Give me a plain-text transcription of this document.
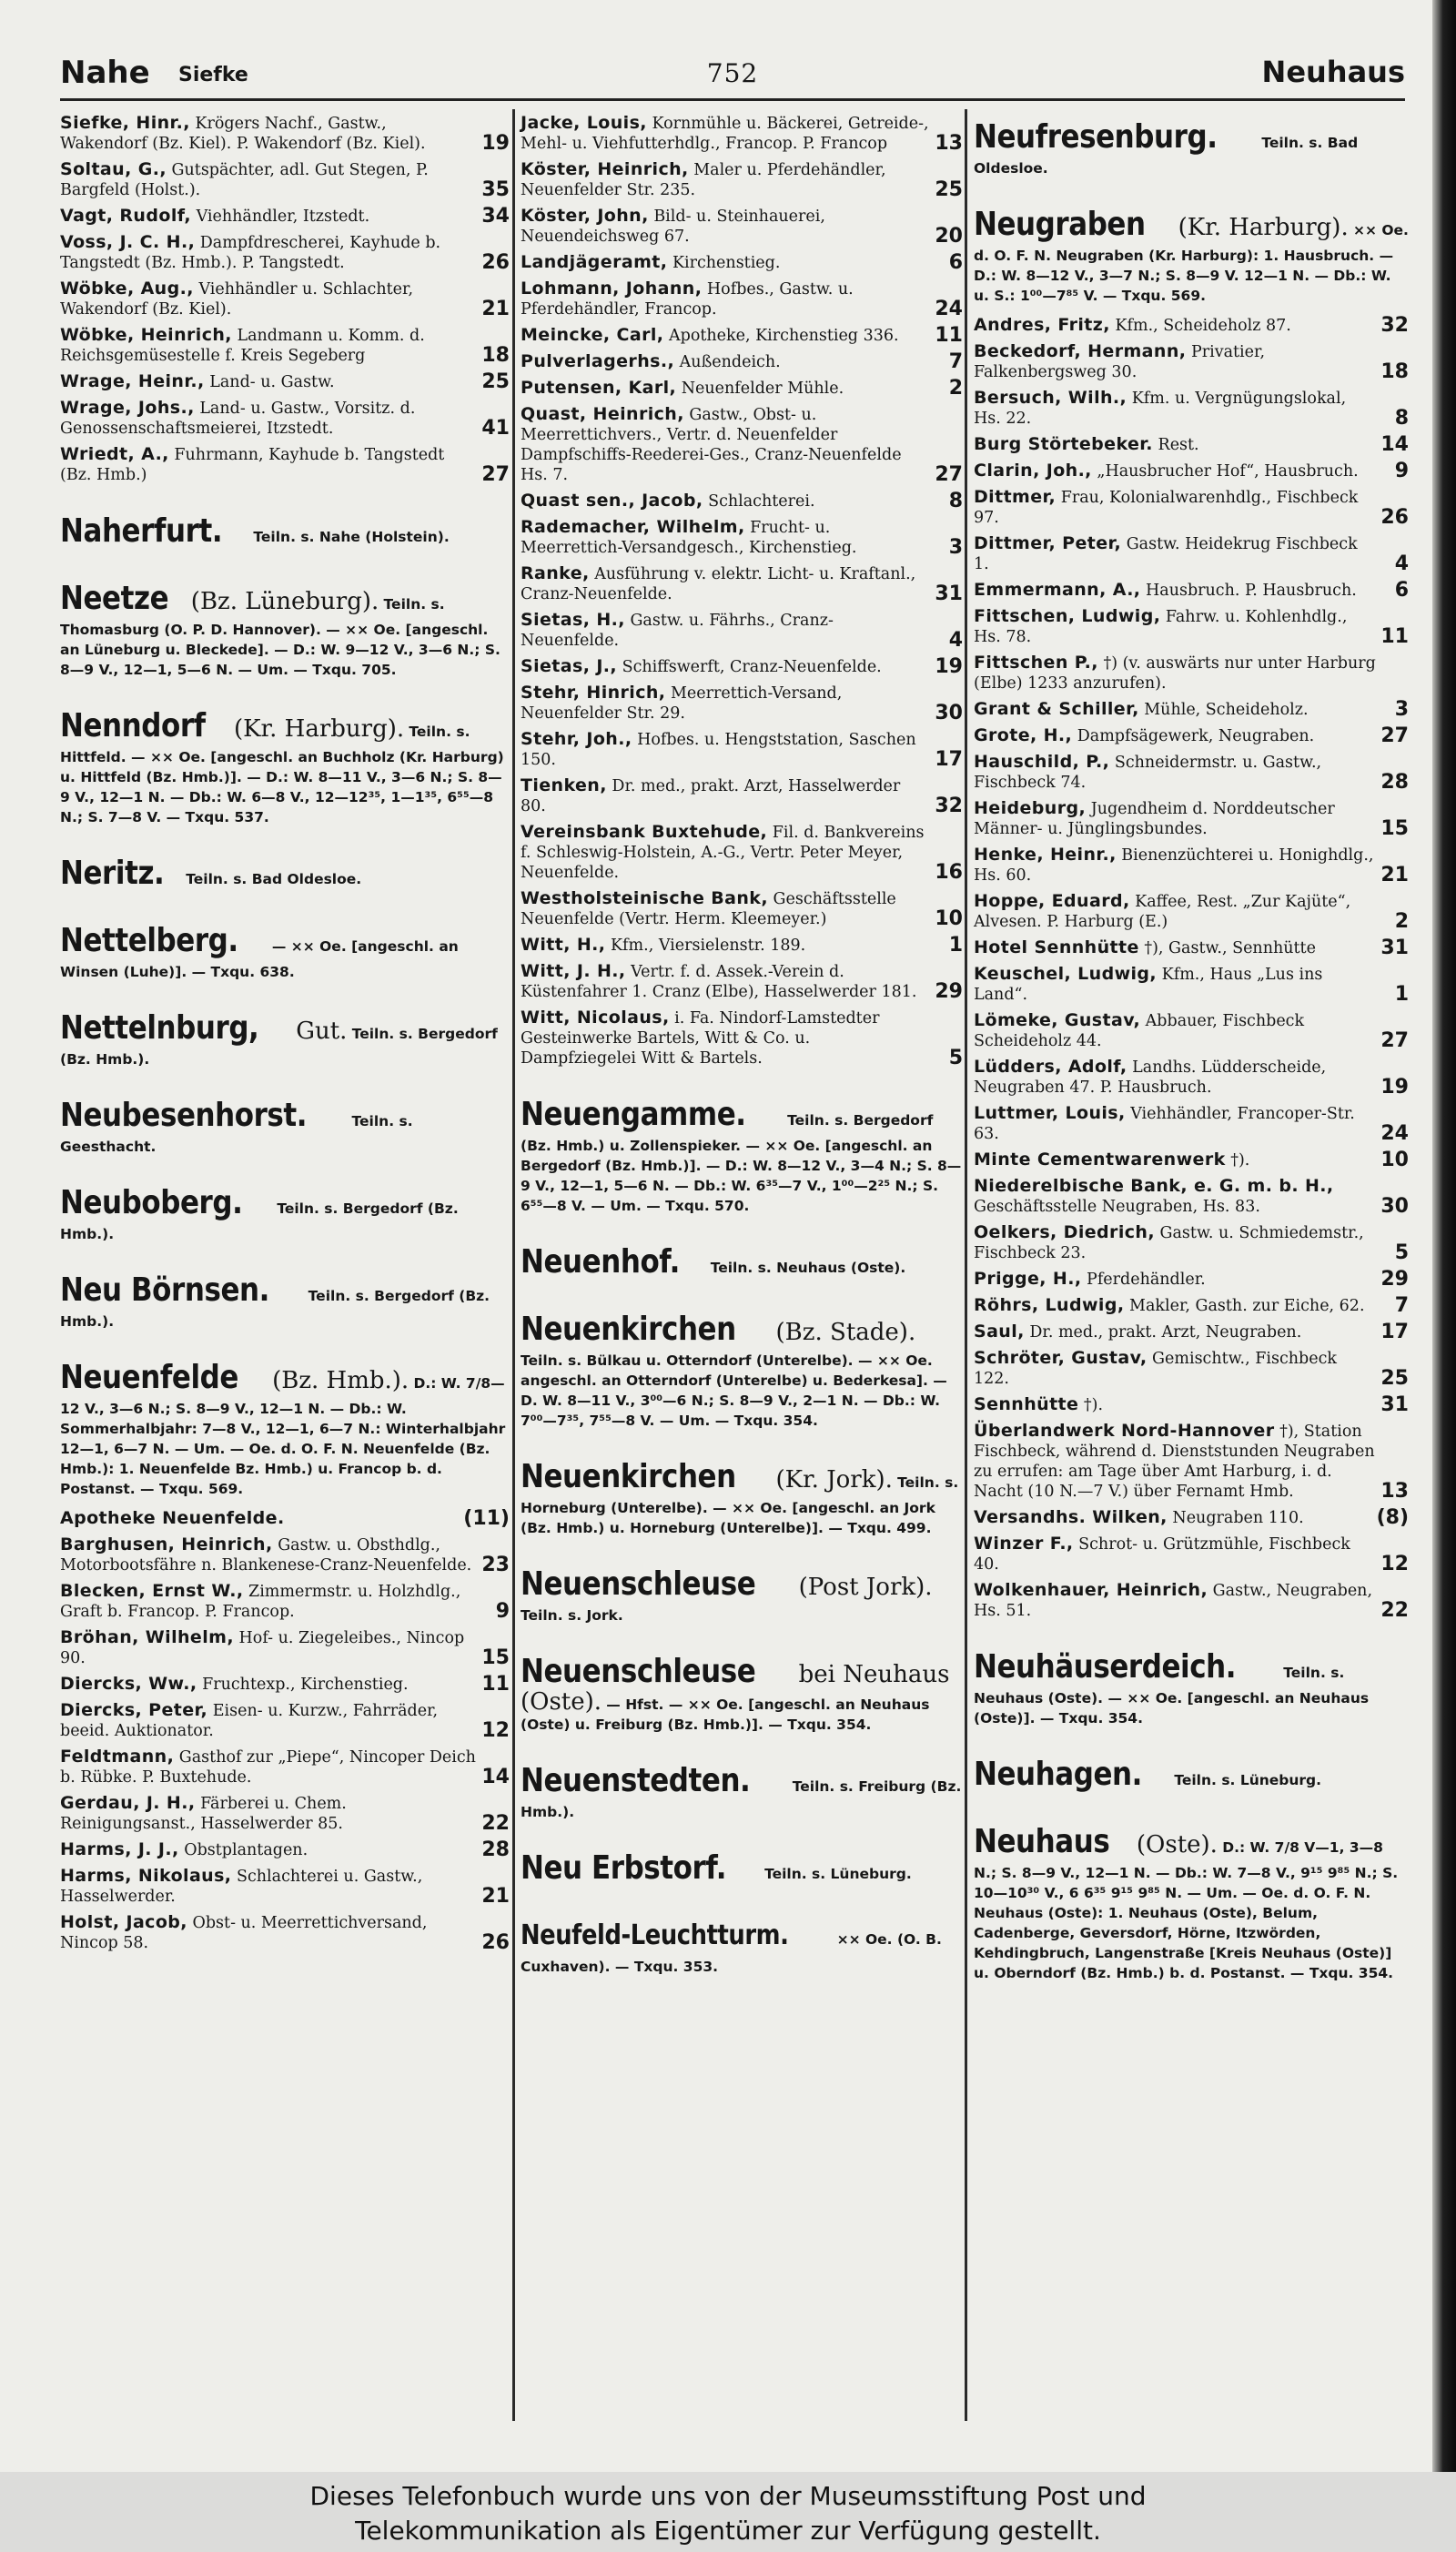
Nahe Siefke	752	Neuhaus
Siefke, Hinr., Krögers Nachf., Gastw., Wakendorf (Bz. Kiel). P. Wakendorf (Bz. Kiel).	19
Soltau, G., Gutspächter, adl. Gut Stegen, P. Bargfeld (Holst.).	35
Vagt, Rudolf, Viehhändler, Itzstedt.	34
Voss, J. C. H., Dampfdrescherei, Kayhude b. Tangstedt (Bz. Hmb.). P. Tangstedt.	26
Wöbke, Aug., Viehhändler u. Schlachter, Wakendorf (Bz. Kiel).	21
Wöbke, Heinrich, Landmann u. Komm. d. Reichsgemüsestelle f. Kreis Segeberg	18
Wrage, Heinr., Land- u. Gastw.	25
Wrage, Johs., Land- u. Gastw., Vorsitz. d. Genossenschaftsmeierei, Itzstedt.	41
Wriedt, A., Fuhrmann, Kayhude b. Tangstedt (Bz. Hmb.)	27
Naherfurt. Teiln. s. Nahe (Holstein).
Neetze (Bz. Lüneburg). Teiln. s. Thomasburg (O. P. D. Hannover). — ×× Oe. [angeschl. an Lüneburg u. Bleckede]. — D.: W. 9—12 V., 3—6 N.; S. 8—9 V., 12—1, 5—6 N. — Um. — Txqu. 705.
Nenndorf (Kr. Harburg). Teiln. s. Hittfeld. — ×× Oe. [angeschl. an Buchholz (Kr. Harburg) u. Hittfeld (Bz. Hmb.)]. — D.: W. 8—11 V., 3—6 N.; S. 8—9 V., 12—1 N. — Db.: W. 6—8 V., 12—12³⁵, 1—1³⁵, 6⁵⁵—8 N.; S. 7—8 V. — Txqu. 537.
Neritz. Teiln. s. Bad Oldesloe.
Nettelberg. — ×× Oe. [angeschl. an Winsen (Luhe)]. — Txqu. 638.
Nettelnburg, Gut. Teiln. s. Bergedorf (Bz. Hmb.).
Neubesenhorst.	Teiln. s. Geesthacht.
Neuboberg. Teiln. s. Bergedorf (Bz. Hmb.).
Neu Börnsen.	Teiln. s. Bergedorf (Bz. Hmb.).
Neuenfelde (Bz. Hmb.). D.: W. 7/8—12 V., 3—6 N.; S. 8—9 V., 12—1 N. — Db.: W. Sommerhalbjahr: 7—8 V., 12—1, 6—7 N.: Winterhalbjahr 12—1, 6—7 N. — Um. — Oe. d. O. F. N. Neuenfelde (Bz. Hmb.): 1. Neuenfelde Bz. Hmb.) u. Francop b. d. Postanst. — Txqu. 569.
Apotheke Neuenfelde.	(11)
Barghusen, Heinrich, Gastw. u. Obsthdlg., Motorbootsfähre n. Blankenese-Cranz-Neuenfelde. 23
Blecken, Ernst W., Zimmermstr. u. Holzhdlg., Graft b. Francop. P. Francop.	9
Bröhan, Wilhelm, Hof- u. Ziegeleibes., Nincop 90.	15
Diercks, Ww., Fruchtexp., Kirchenstieg.	11
Diercks, Peter, Eisen- u. Kurzw., Fahrräder, beeid. Auktionator.	12
Feldtmann, Gasthof zur „Piepe“, Nincoper Deich b. Rübke. P. Buxtehude.	14
Gerdau, J. H., Färberei u. Chem. Reinigungsanst., Hasselwerder 85.	22
Harms, J. J., Obstplantagen.	28
Harms, Nikolaus, Schlachterei u. Gastw., Hasselwerder.	21
Holst, Jacob, Obst- u. Meerrettichversand, Nincop 58.	26
Jacke, Louis, Kornmühle u. Bäckerei, Getreide-, Mehl- u. Viehfutterhdlg., Francop. P. Francop 13
Köster, Heinrich, Maler u. Pferdehändler, Neuenfelder Str. 235.	25
Köster, John, Bild- u. Steinhauerei, Neuendeichsweg 67.	20
Landjägeramt, Kirchenstieg.	6
Lohmann, Johann, Hofbes., Gastw. u. Pferdehändler, Francop.	24
Meincke, Carl, Apotheke, Kirchenstieg 336. 11
Pulverlagerhs., Außendeich.	7
Putensen, Karl, Neuenfelder Mühle.	2
Quast, Heinrich, Gastw., Obst- u. Meerrettichvers., Vertr. d. Neuenfelder Dampfschiffs-Reederei-Ges., Cranz-Neuenfelde Hs. 7.	27
Quast sen., Jacob, Schlachterei.	8
Rademacher, Wilhelm, Frucht- u. Meerrettich-Versandgesch., Kirchenstieg.	3
Ranke, Ausführung v. elektr. Licht- u. Kraftanl., Cranz-Neuenfelde.	31
Sietas, H., Gastw. u. Fährhs., Cranz-Neuenfelde.	4
Sietas, J., Schiffswerft, Cranz-Neuenfelde.	19
Stehr, Hinrich, Meerrettich-Versand, Neuenfelder Str. 29.	30
Stehr, Joh., Hofbes. u. Hengststation, Saschen 150.	17
Tienken, Dr. med., prakt. Arzt, Hasselwerder 80.	32
Vereinsbank Buxtehude, Fil. d. Bankvereins f. Schleswig-Holstein, A.-G., Vertr. Peter Meyer, Neuenfelde.	16
Westholsteinische Bank, Geschäftsstelle Neuenfelde (Vertr. Herm. Kleemeyer.)	10
Witt, H., Kfm., Viersielenstr. 189.	1
Witt, J. H., Vertr. f. d. Assek.-Verein d. Küstenfahrer 1. Cranz (Elbe), Hasselwerder 181. 29
Witt, Nicolaus, i. Fa. Nindorf-Lamstedter Gesteinwerke Bartels, Witt & Co. u. Dampfziegelei Witt & Bartels.	5
Neuengamme.	Teiln. s. Bergedorf (Bz. Hmb.) u. Zollenspieker. — ×× Oe. [angeschl. an Bergedorf (Bz. Hmb.)]. — D.: W. 8—12 V., 3—4 N.; S. 8—9 V., 12—1, 5—6 N. — Db.: W. 6³⁵—7 V., 1⁰⁰—2²⁵ N.; S. 6⁵⁵—8 V. — Um. — Txqu. 570.
Neuenhof. Teiln. s. Neuhaus (Oste).
Neuenkirchen (Bz. Stade). Teiln. s. Bülkau u. Otterndorf (Unterelbe). — ×× Oe. angeschl. an Otterndorf (Unterelbe) u. Bederkesa]. — D. W. 8—11 V., 3⁰⁰—6 N.; S. 8—9 V., 2—1 N. — Db.: W. 7⁰⁰—7³⁵, 7⁵⁵—8 V. — Um. — Txqu. 354.
Neuenkirchen (Kr. Jork). Teiln. s. Horneburg (Unterelbe). — ×× Oe. [angeschl. an Jork (Bz. Hmb.) u. Horneburg (Unterelbe)]. — Txqu. 499.
Neuenschleuse (Post Jork). Teiln. s. Jork.
Neuenschleuse bei Neuhaus (Oste). — Hfst. — ×× Oe. [angeschl. an Neuhaus (Oste) u. Freiburg (Bz. Hmb.)]. — Txqu. 354.
Neuenstedten.	Teiln. s. Freiburg (Bz. Hmb.).
Neu Erbstorf.	Teiln. s. Lüneburg.
Neufeld-Leuchtturm.	×× Oe. (O. B. Cuxhaven). — Txqu. 353.
Neufresenburg.	Teiln. s. Bad Oldesloe.
Neugraben (Kr. Harburg). ×× Oe. d. O. F. N. Neugraben (Kr. Harburg): 1. Hausbruch. — D.: W. 8—12 V., 3—7 N.; S. 8—9 V. 12—1 N. — Db.: W. u. S.: 1⁰⁰—7⁸⁵ V. — Txqu. 569.
Andres, Fritz, Kfm., Scheideholz 87.	32
Beckedorf, Hermann, Privatier, Falkenbergsweg 30.	18
Bersuch, Wilh., Kfm. u. Vergnügungslokal, Hs. 22.	8
Burg Störtebeker. Rest.	14
Clarin, Joh., „Hausbrucher Hof“, Hausbruch. 9
Dittmer, Frau, Kolonialwarenhdlg., Fischbeck 97.	26
Dittmer, Peter, Gastw. Heidekrug Fischbeck 1.	4
Emmermann, A., Hausbruch. P. Hausbruch. 6
Fittschen, Ludwig, Fahrw. u. Kohlenhdlg., Hs. 78.	11
Fittschen P., †) (v. auswärts nur unter Harburg (Elbe) 1233 anzurufen).
Grant & Schiller, Mühle, Scheideholz.	3
Grote, H., Dampfsägewerk, Neugraben.	27
Hauschild, P., Schneidermstr. u. Gastw., Fischbeck 74.	28
Heideburg, Jugendheim d. Norddeutscher Männer- u. Jünglingsbundes.	15
Henke, Heinr., Bienenzüchterei u. Honighdlg., Hs. 60.	21
Hoppe, Eduard, Kaffee, Rest. „Zur Kajüte“, Alvesen. P. Harburg (E.)	2
Hotel Sennhütte †), Gastw., Sennhütte	31
Keuschel, Ludwig, Kfm., Haus „Lus ins Land“.	1
Lömeke, Gustav, Abbauer, Fischbeck Scheideholz 44.	27
Lüdders, Adolf, Landhs. Lüdderscheide, Neugraben 47. P. Hausbruch.	19
Luttmer, Louis, Viehhändler, Francoper-Str. 63.	24
Minte Cementwarenwerk †).	10
Niederelbische Bank, e. G. m. b. H., Geschäftsstelle Neugraben, Hs. 83.	30
Oelkers, Diedrich, Gastw. u. Schmiedemstr., Fischbeck 23.	5
Prigge, H., Pferdehändler.	29
Röhrs, Ludwig, Makler, Gasth. zur Eiche, 62. 7
Saul, Dr. med., prakt. Arzt, Neugraben.	17
Schröter, Gustav, Gemischtw., Fischbeck 122.	25
Sennhütte †).	31
Überlandwerk Nord-Hannover †), Station Fischbeck, während d. Dienststunden Neugraben zu errufen: am Tage über Amt Harburg, i. d. Nacht (10 N.—7 V.) über Fernamt Hmb.	13
Versandhs. Wilken, Neugraben 110.	(8)
Winzer F., Schrot- u. Grützmühle, Fischbeck 40.	12
Wolkenhauer, Heinrich, Gastw., Neugraben, Hs. 51.	22
Neuhäuserdeich.	Teiln. s. Neuhaus (Oste). — ×× Oe. [angeschl. an Neuhaus (Oste)]. — Txqu. 354.
Neuhagen. Teiln. s. Lüneburg.
Neuhaus (Oste). D.: W. 7/8 V—1, 3—8 N.; S. 8—9 V., 12—1 N. — Db.: W. 7—8 V., 9¹⁵ 9⁸⁵ N.; S. 10—10³⁰ V., 6 6³⁵ 9¹⁵ 9⁸⁵ N. — Um. — Oe. d. O. F. N. Neuhaus (Oste): 1. Neuhaus (Oste), Belum, Cadenberge, Geversdorf, Hörne, Itzwörden, Kehdingbruch, Langenstraße [Kreis Neuhaus (Oste)] u. Oberndorf (Bz. Hmb.) b. d. Postanst. — Txqu. 354.
Dieses Telefonbuch wurde uns von der Museumsstiftung Post und
Telekommunikation als Eigentümer zur Verfügung gestellt.
